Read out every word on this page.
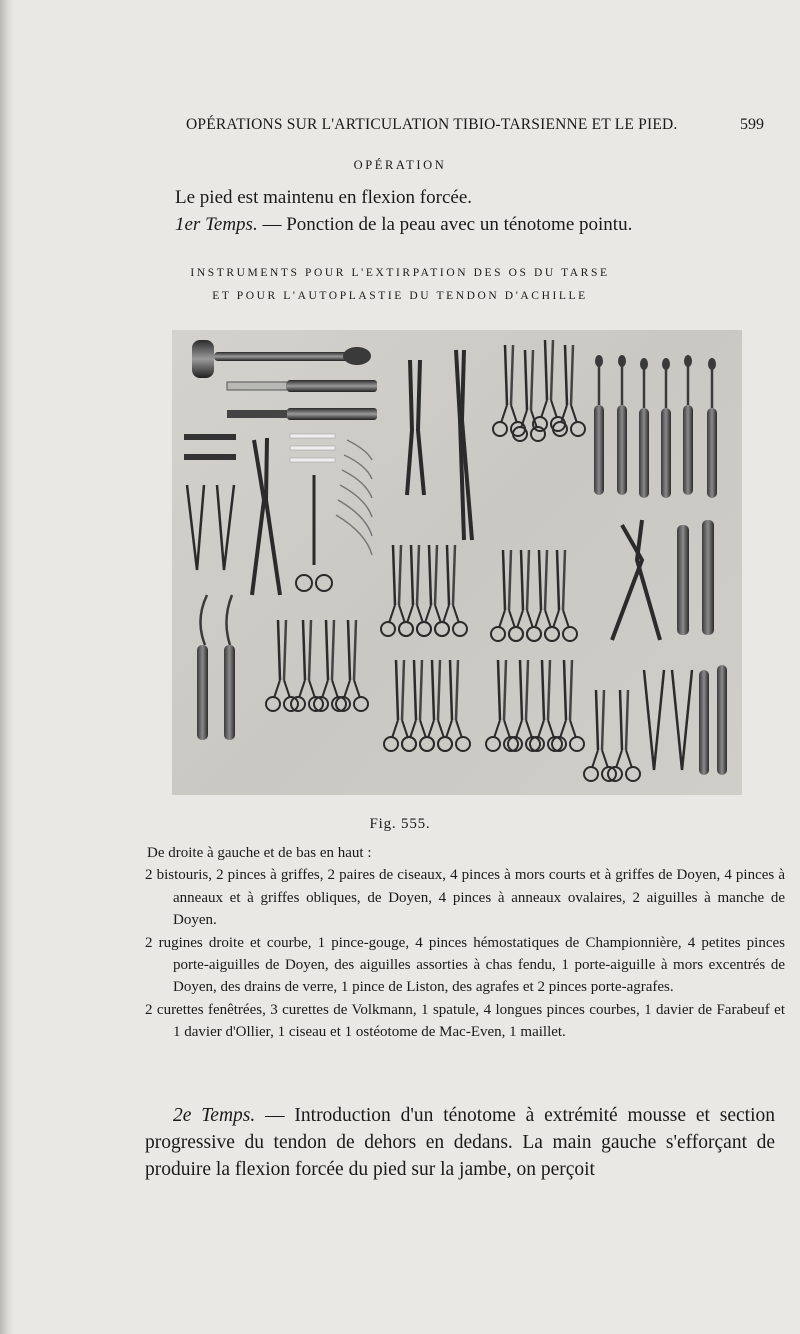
OPÉRATIONS SUR L'ARTICULATION TIBIO-TARSIENNE ET LE PIED.	599
OPÉRATION
Le pied est maintenu en flexion forcée.
1er Temps. — Ponction de la peau avec un ténotome pointu.
INSTRUMENTS POUR L'EXTIRPATION DES OS DU TARSE
ET POUR L'AUTOPLASTIE DU TENDON D'ACHILLE
Fig. 555.

De droite à gauche et de bas en haut :

2 bistouris, 2 pinces à griffes, 2 paires de ciseaux, 4 pinces à mors courts et à griffes de Doyen, 4 pinces à anneaux et à griffes obliques, de Doyen, 4 pinces à anneaux ovalaires, 2 aiguilles à manche de Doyen.

2 rugines droite et courbe, 1 pince-gouge, 4 pinces hémostatiques de Championnière, 4 petites pinces porte-aiguilles de Doyen, des aiguilles assorties à chas fendu, 1 porte-aiguille à mors excentrés de Doyen, des drains de verre, 1 pince de Liston, des agrafes et 2 pinces porte-agrafes.

2 curettes fenêtrées, 3 curettes de Volkmann, 1 spatule, 4 longues pinces courbes, 1 davier de Farabeuf et 1 davier d'Ollier, 1 ciseau et 1 ostéotome de Mac-Even, 1 maillet.

2e Temps. — Introduction d'un ténotome à extrémité mousse et section progressive du tendon de dehors en dedans. La main gauche s'efforçant de produire la flexion forcée du pied sur la jambe, on perçoit
